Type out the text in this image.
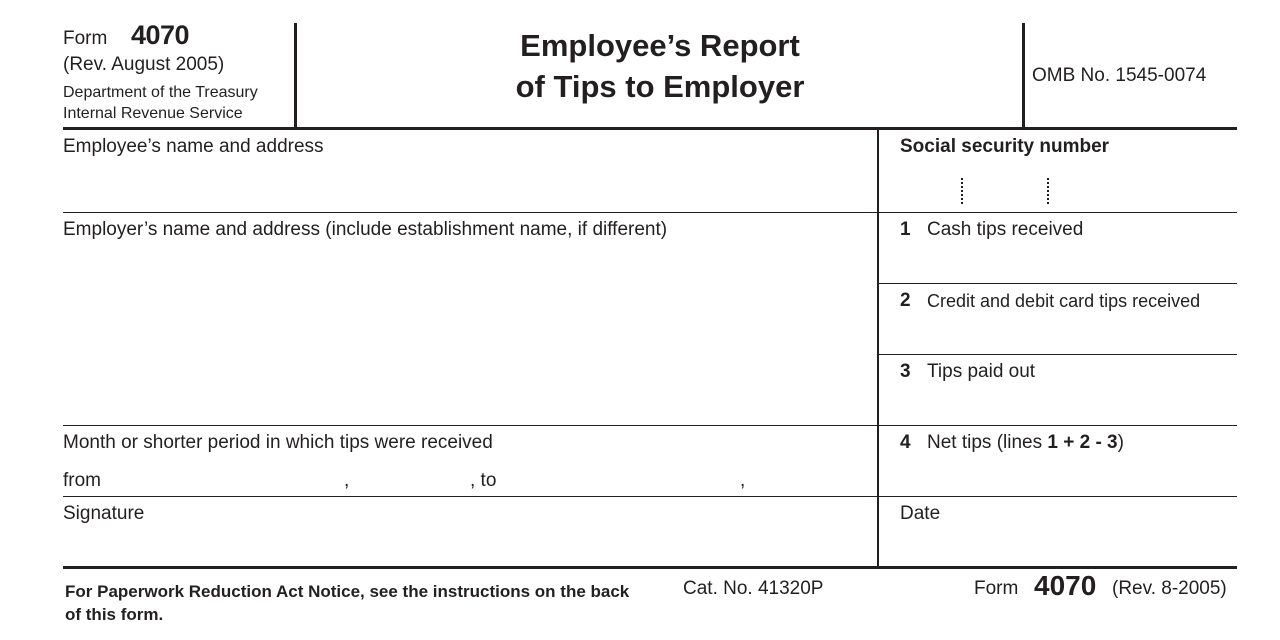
Form 4070
(Rev. August 2005)
Department of the Treasury
Internal Revenue Service
Employee’s Report
of Tips to Employer	OMB No. 1545-0074
Employee’s name and address	Social security number
Employer’s name and address (include establishment name, if different)	1 Cash tips received
2 Credit and debit card tips received
3 Tips paid out
Month or shorter period in which tips were received
from	,	, to	,
4 Net tips (lines 1 + 2 - 3)
Signature	Date
For Paperwork Reduction Act Notice, see the instructions on the back of this form.
Cat. No. 41320P	Form 4070 (Rev. 8-2005)
